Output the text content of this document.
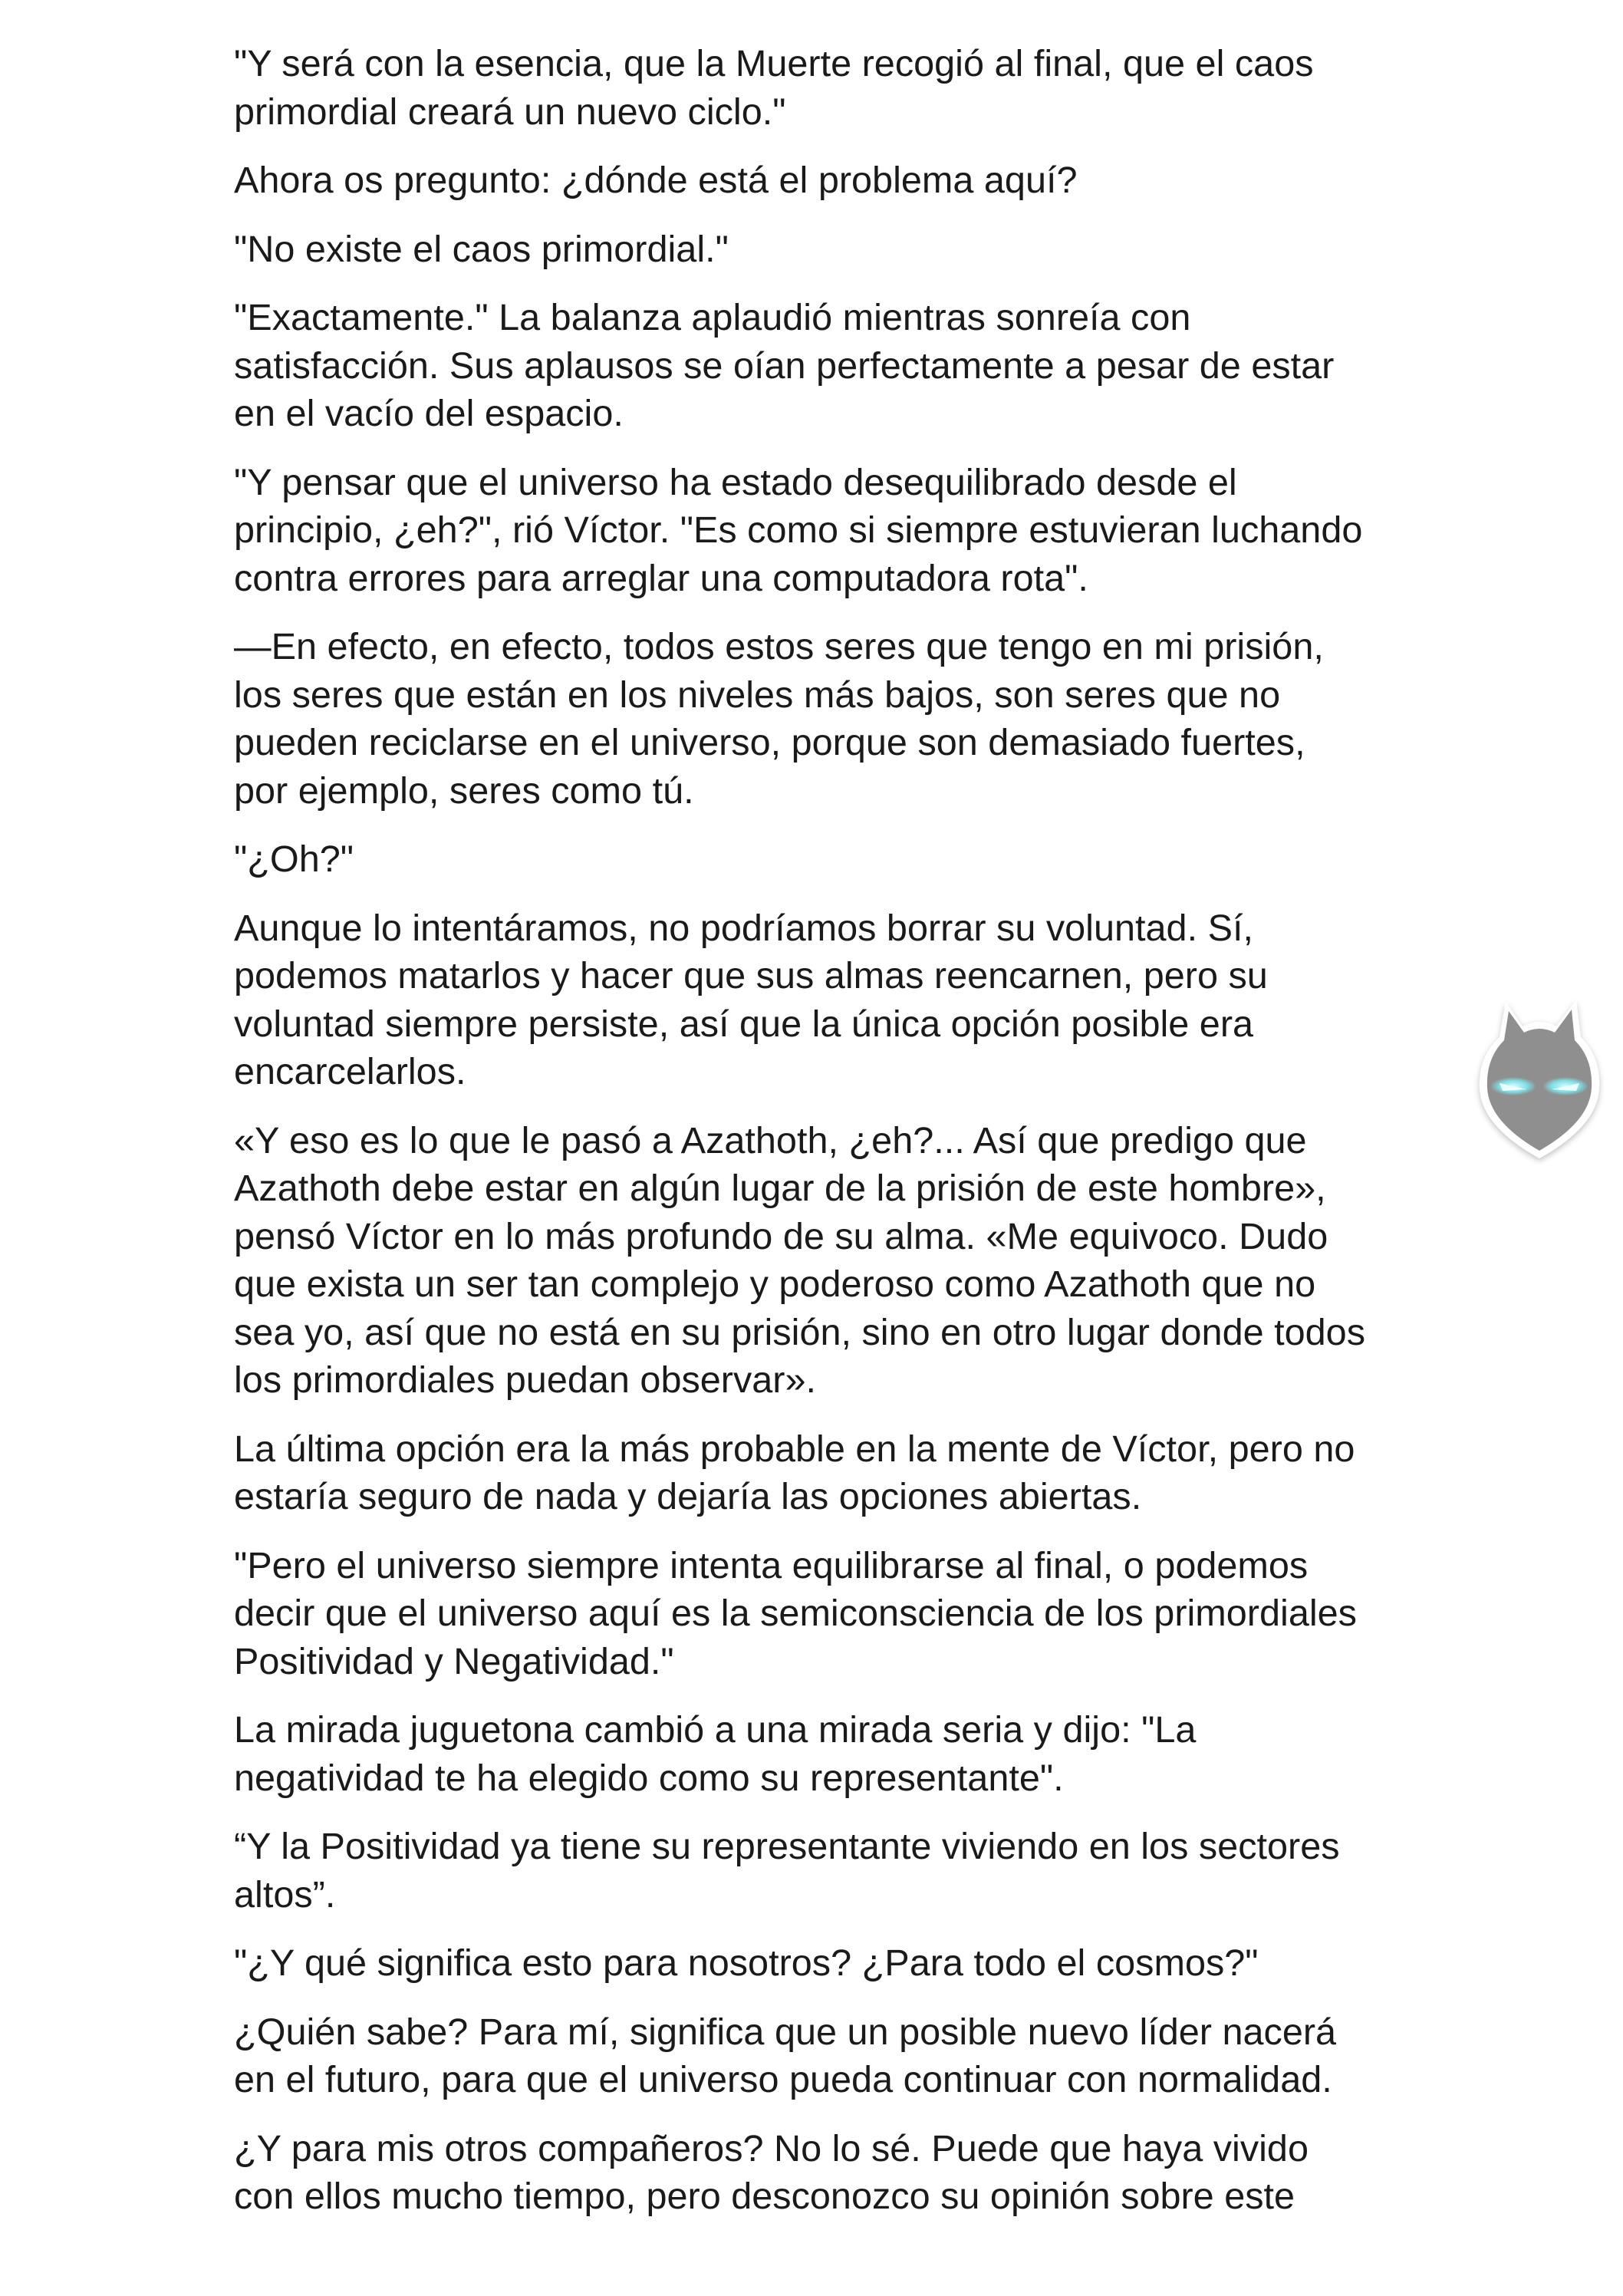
"Y será con la esencia, que la Muerte recogió al final, que el caos
primordial creará un nuevo ciclo."

Ahora os pregunto: ¿dónde está el problema aquí?

"No existe el caos primordial."

"Exactamente." La balanza aplaudió mientras sonreía con
satisfacción. Sus aplausos se oían perfectamente a pesar de estar
en el vacío del espacio.

"Y pensar que el universo ha estado desequilibrado desde el
principio, ¿eh?", rió Víctor. "Es como si siempre estuvieran luchando
contra errores para arreglar una computadora rota".

—En efecto, en efecto, todos estos seres que tengo en mi prisión,
los seres que están en los niveles más bajos, son seres que no
pueden reciclarse en el universo, porque son demasiado fuertes,
por ejemplo, seres como tú.

"¿Oh?"

Aunque lo intentáramos, no podríamos borrar su voluntad. Sí,
podemos matarlos y hacer que sus almas reencarnen, pero su
voluntad siempre persiste, así que la única opción posible era
encarcelarlos.

«Y eso es lo que le pasó a Azathoth, ¿eh?... Así que predigo que
Azathoth debe estar en algún lugar de la prisión de este hombre»,
pensó Víctor en lo más profundo de su alma. «Me equivoco. Dudo
que exista un ser tan complejo y poderoso como Azathoth que no
sea yo, así que no está en su prisión, sino en otro lugar donde todos
los primordiales puedan observar».

La última opción era la más probable en la mente de Víctor, pero no
estaría seguro de nada y dejaría las opciones abiertas.

"Pero el universo siempre intenta equilibrarse al final, o podemos
decir que el universo aquí es la semiconsciencia de los primordiales
Positividad y Negatividad."

La mirada juguetona cambió a una mirada seria y dijo: "La
negatividad te ha elegido como su representante".

“Y la Positividad ya tiene su representante viviendo en los sectores
altos”.

"¿Y qué significa esto para nosotros? ¿Para todo el cosmos?"

¿Quién sabe? Para mí, significa que un posible nuevo líder nacerá
en el futuro, para que el universo pueda continuar con normalidad.

¿Y para mis otros compañeros? No lo sé. Puede que haya vivido
con ellos mucho tiempo, pero desconozco su opinión sobre este
